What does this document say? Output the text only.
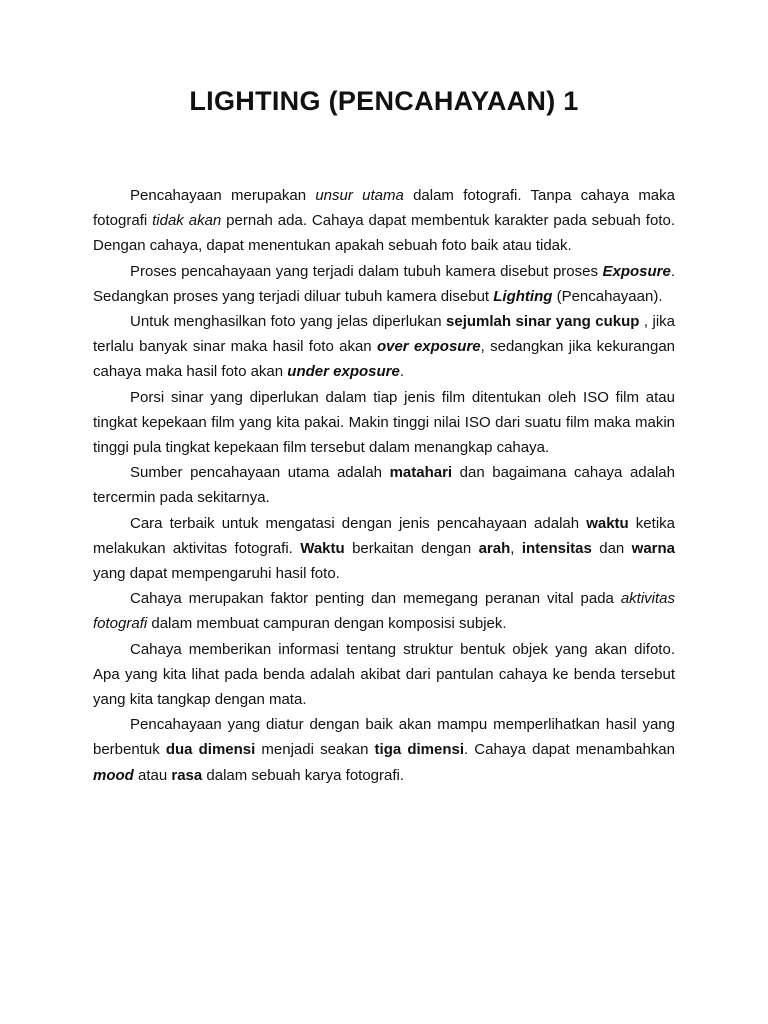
LIGHTING (PENCAHAYAAN) 1

Pencahayaan merupakan unsur utama dalam fotografi. Tanpa cahaya maka fotografi tidak akan pernah ada. Cahaya dapat membentuk karakter pada sebuah foto. Dengan cahaya, dapat menentukan apakah sebuah foto baik atau tidak.

Proses pencahayaan yang terjadi dalam tubuh kamera disebut proses Exposure. Sedangkan proses yang terjadi diluar tubuh kamera disebut Lighting (Pencahayaan).

Untuk menghasilkan foto yang jelas diperlukan sejumlah sinar yang cukup , jika terlalu banyak sinar maka hasil foto akan over exposure, sedangkan jika kekurangan cahaya maka hasil foto akan under exposure.

Porsi sinar yang diperlukan dalam tiap jenis film ditentukan oleh ISO film atau tingkat kepekaan film yang kita pakai. Makin tinggi nilai ISO dari suatu film maka makin tinggi pula tingkat kepekaan film tersebut dalam menangkap cahaya.

Sumber pencahayaan utama adalah matahari dan bagaimana cahaya adalah tercermin pada sekitarnya.

Cara terbaik untuk mengatasi dengan jenis pencahayaan adalah waktu ketika melakukan aktivitas fotografi. Waktu berkaitan dengan arah, intensitas dan warna yang dapat mempengaruhi hasil foto.

Cahaya merupakan faktor penting dan memegang peranan vital pada aktivitas fotografi dalam membuat campuran dengan komposisi subjek.

Cahaya memberikan informasi tentang struktur bentuk objek yang akan difoto. Apa yang kita lihat pada benda adalah akibat dari pantulan cahaya ke benda tersebut yang kita tangkap dengan mata.

Pencahayaan yang diatur dengan baik akan mampu memperlihatkan hasil yang berbentuk dua dimensi menjadi seakan tiga dimensi. Cahaya dapat menambahkan mood atau rasa dalam sebuah karya fotografi.
